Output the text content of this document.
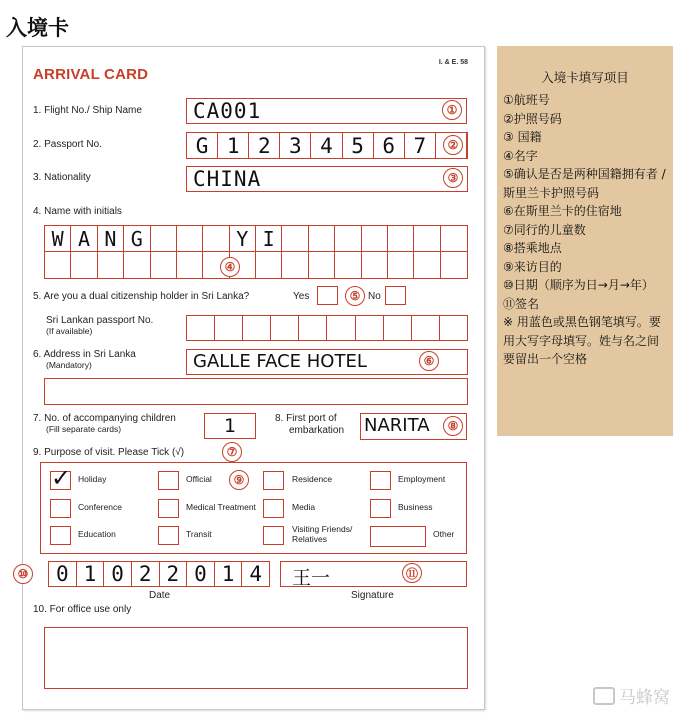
入境卡
ARRIVAL CARD
I. & E. 58
1. Flight No./ Ship Name CA001	①
2. Passport No.	G 1 2 3 4 5 6 7	②
3. Nationality	CHINA	③
4. Name with initials
W A N G	Y I
④
5. Are you a dual citizenship holder in Sri Lanka?	Yes	⑤ No
Sri Lankan passport No.
(If available)
6. Address in Sri Lanka
(Mandatory)	GALLE FACE HOTEL	⑥
7. No. of accompanying children
(Fill separate cards)	1	8. First port of
embarkation NARITA	⑧
9. Purpose of visit. Please Tick (√)	⑦
✓ Holiday	Official	⑨	Residence	Employment
Conference	Medical Treatment	Media	Business
Education	Transit	Visiting Friends/
Relatives	Other
⑩	0 1 0 2 2 0 1 4
Date
王一	⑪
Signature
10. For office use only
入境卡填写项目
①航班号
②护照号码
③ 国籍
④名字
⑤确认是否是两种国籍拥有者 / 斯里兰卡护照号码
⑥在斯里兰卡的住宿地
⑦同行的儿童数
⑧搭乘地点
⑨来访目的
⑩日期（顺序为日→月→年）
⑪签名
※ 用蓝色或黑色钢笔填写。要用大写字母填写。姓与名之间要留出一个空格
马蜂窝
